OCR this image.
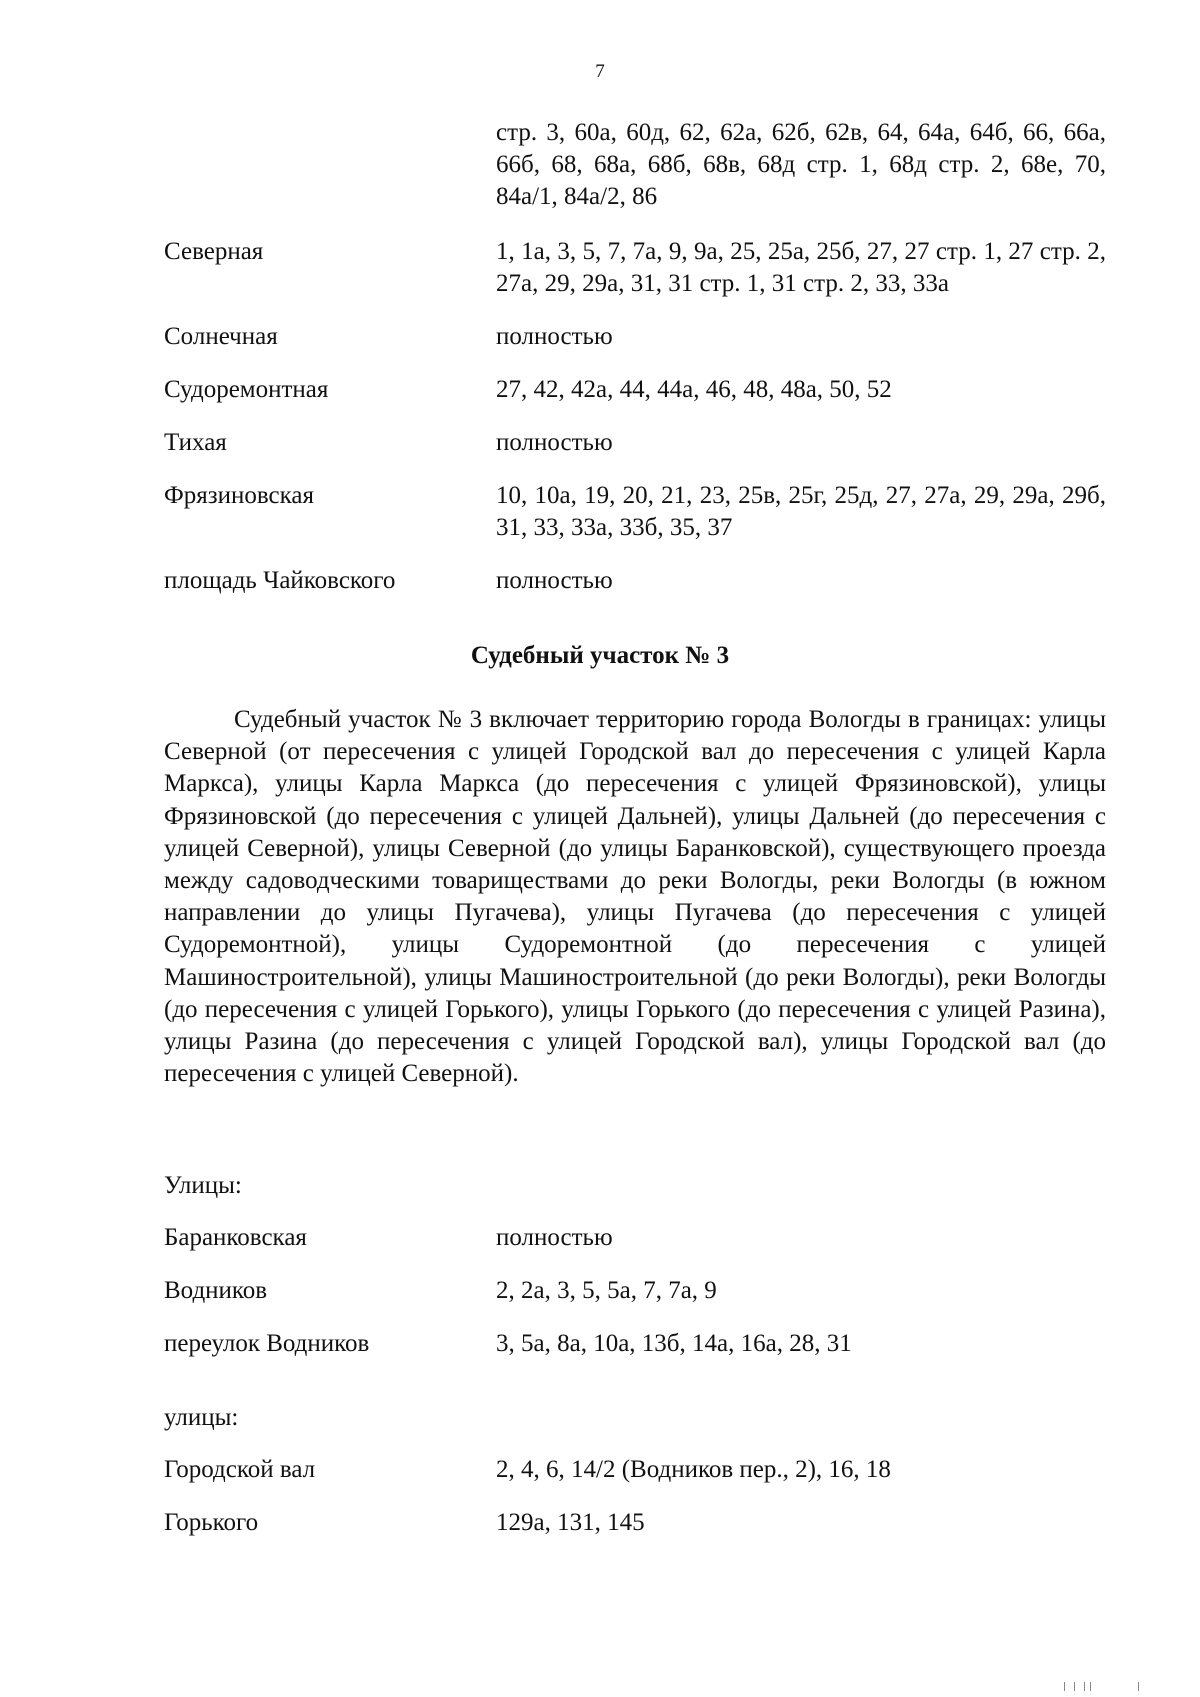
7
стр. 3, 60а, 60д, 62, 62а, 62б, 62в, 64, 64а, 64б, 66, 66а, 66б, 68, 68а, 68б, 68в, 68д стр. 1, 68д стр. 2, 68е, 70, 84а/1, 84а/2, 86
Северная	1, 1а, 3, 5, 7, 7а, 9, 9а, 25, 25а, 25б, 27, 27 стр. 1, 27 стр. 2, 27а, 29, 29а, 31, 31 стр. 1, 31 стр. 2, 33, 33а
Солнечная	полностью
Судоремонтная	27, 42, 42а, 44, 44а, 46, 48, 48а, 50, 52
Тихая	полностью
Фрязиновская	10, 10а, 19, 20, 21, 23, 25в, 25г, 25д, 27, 27а, 29, 29а, 29б, 31, 33, 33а, 33б, 35, 37
площадь Чайковского	полностью
Судебный участок № 3
Судебный участок № 3 включает территорию города Вологды в границах: улицы Северной (от пересечения с улицей Городской вал до пересечения с улицей Карла Маркса), улицы Карла Маркса (до пересечения с улицей Фрязиновской), улицы Фрязиновской (до пересечения с улицей Дальней), улицы Дальней (до пересечения с улицей Северной), улицы Северной (до улицы Баранковской), существующего проезда между садоводческими товариществами до реки Вологды, реки Вологды (в южном направлении до улицы Пугачева), улицы Пугачева (до пересечения с улицей Судоремонтной), улицы Судоремонтной (до пересечения с улицей Машиностроительной), улицы Машиностроительной (до реки Вологды), реки Вологды (до пересечения с улицей Горького), улицы Горького (до пересечения с улицей Разина), улицы Разина (до пересечения с улицей Городской вал), улицы Городской вал (до пересечения с улицей Северной).
Улицы:
Баранковская	полностью
Водников	2, 2а, 3, 5, 5а, 7, 7а, 9
переулок Водников	3, 5а, 8а, 10а, 13б, 14а, 16а, 28, 31
улицы:
Городской вал	2, 4, 6, 14/2 (Водников пер., 2), 16, 18
Горького	129а, 131, 145
